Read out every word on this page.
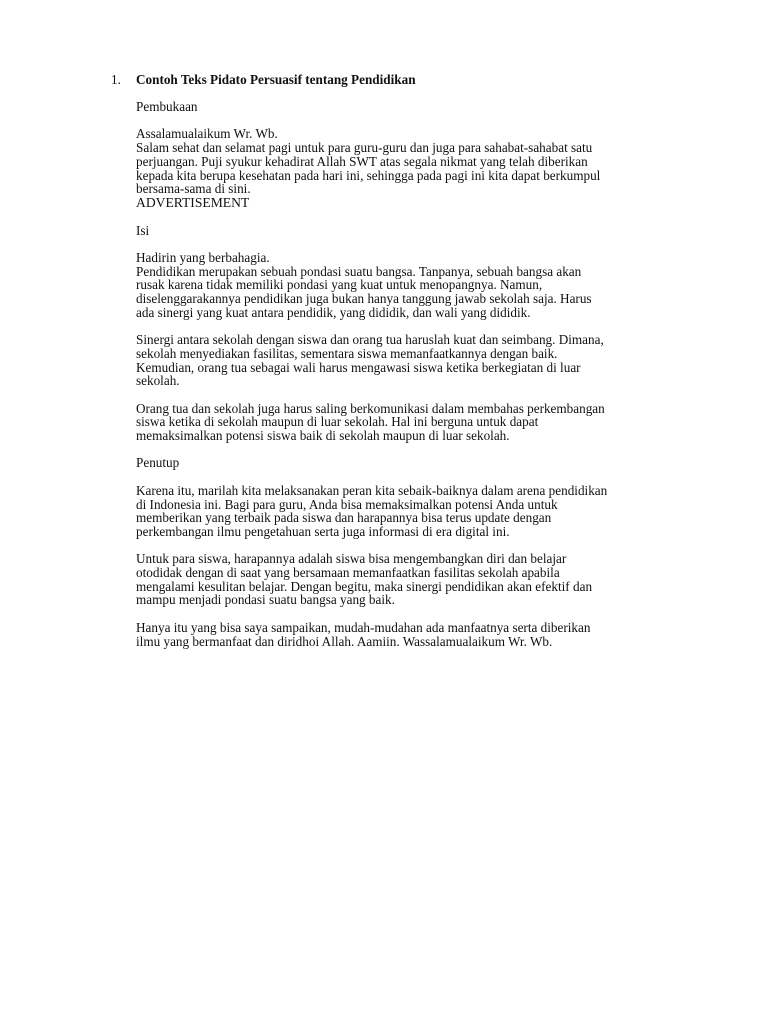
1. Contoh Teks Pidato Persuasif tentang Pendidikan

Pembukaan

Assalamualaikum Wr. Wb.
Salam sehat dan selamat pagi untuk para guru-guru dan juga para sahabat-sahabat satu
perjuangan. Puji syukur kehadirat Allah SWT atas segala nikmat yang telah diberikan
kepada kita berupa kesehatan pada hari ini, sehingga pada pagi ini kita dapat berkumpul
bersama-sama di sini.

ADVERTISEMENT

Isi

Hadirin yang berbahagia.
Pendidikan merupakan sebuah pondasi suatu bangsa. Tanpanya, sebuah bangsa akan
rusak karena tidak memiliki pondasi yang kuat untuk menopangnya. Namun,
diselenggarakannya pendidikan juga bukan hanya tanggung jawab sekolah saja. Harus
ada sinergi yang kuat antara pendidik, yang dididik, dan wali yang dididik.

Sinergi antara sekolah dengan siswa dan orang tua haruslah kuat dan seimbang. Dimana,
sekolah menyediakan fasilitas, sementara siswa memanfaatkannya dengan baik.
Kemudian, orang tua sebagai wali harus mengawasi siswa ketika berkegiatan di luar
sekolah.

Orang tua dan sekolah juga harus saling berkomunikasi dalam membahas perkembangan
siswa ketika di sekolah maupun di luar sekolah. Hal ini berguna untuk dapat
memaksimalkan potensi siswa baik di sekolah maupun di luar sekolah.

Penutup

Karena itu, marilah kita melaksanakan peran kita sebaik-baiknya dalam arena pendidikan
di Indonesia ini. Bagi para guru, Anda bisa memaksimalkan potensi Anda untuk
memberikan yang terbaik pada siswa dan harapannya bisa terus update dengan
perkembangan ilmu pengetahuan serta juga informasi di era digital ini.

Untuk para siswa, harapannya adalah siswa bisa mengembangkan diri dan belajar
otodidak dengan di saat yang bersamaan memanfaatkan fasilitas sekolah apabila
mengalami kesulitan belajar. Dengan begitu, maka sinergi pendidikan akan efektif dan
mampu menjadi pondasi suatu bangsa yang baik.

Hanya itu yang bisa saya sampaikan, mudah-mudahan ada manfaatnya serta diberikan
ilmu yang bermanfaat dan diridhoi Allah. Aamiin. Wassalamualaikum Wr. Wb.
